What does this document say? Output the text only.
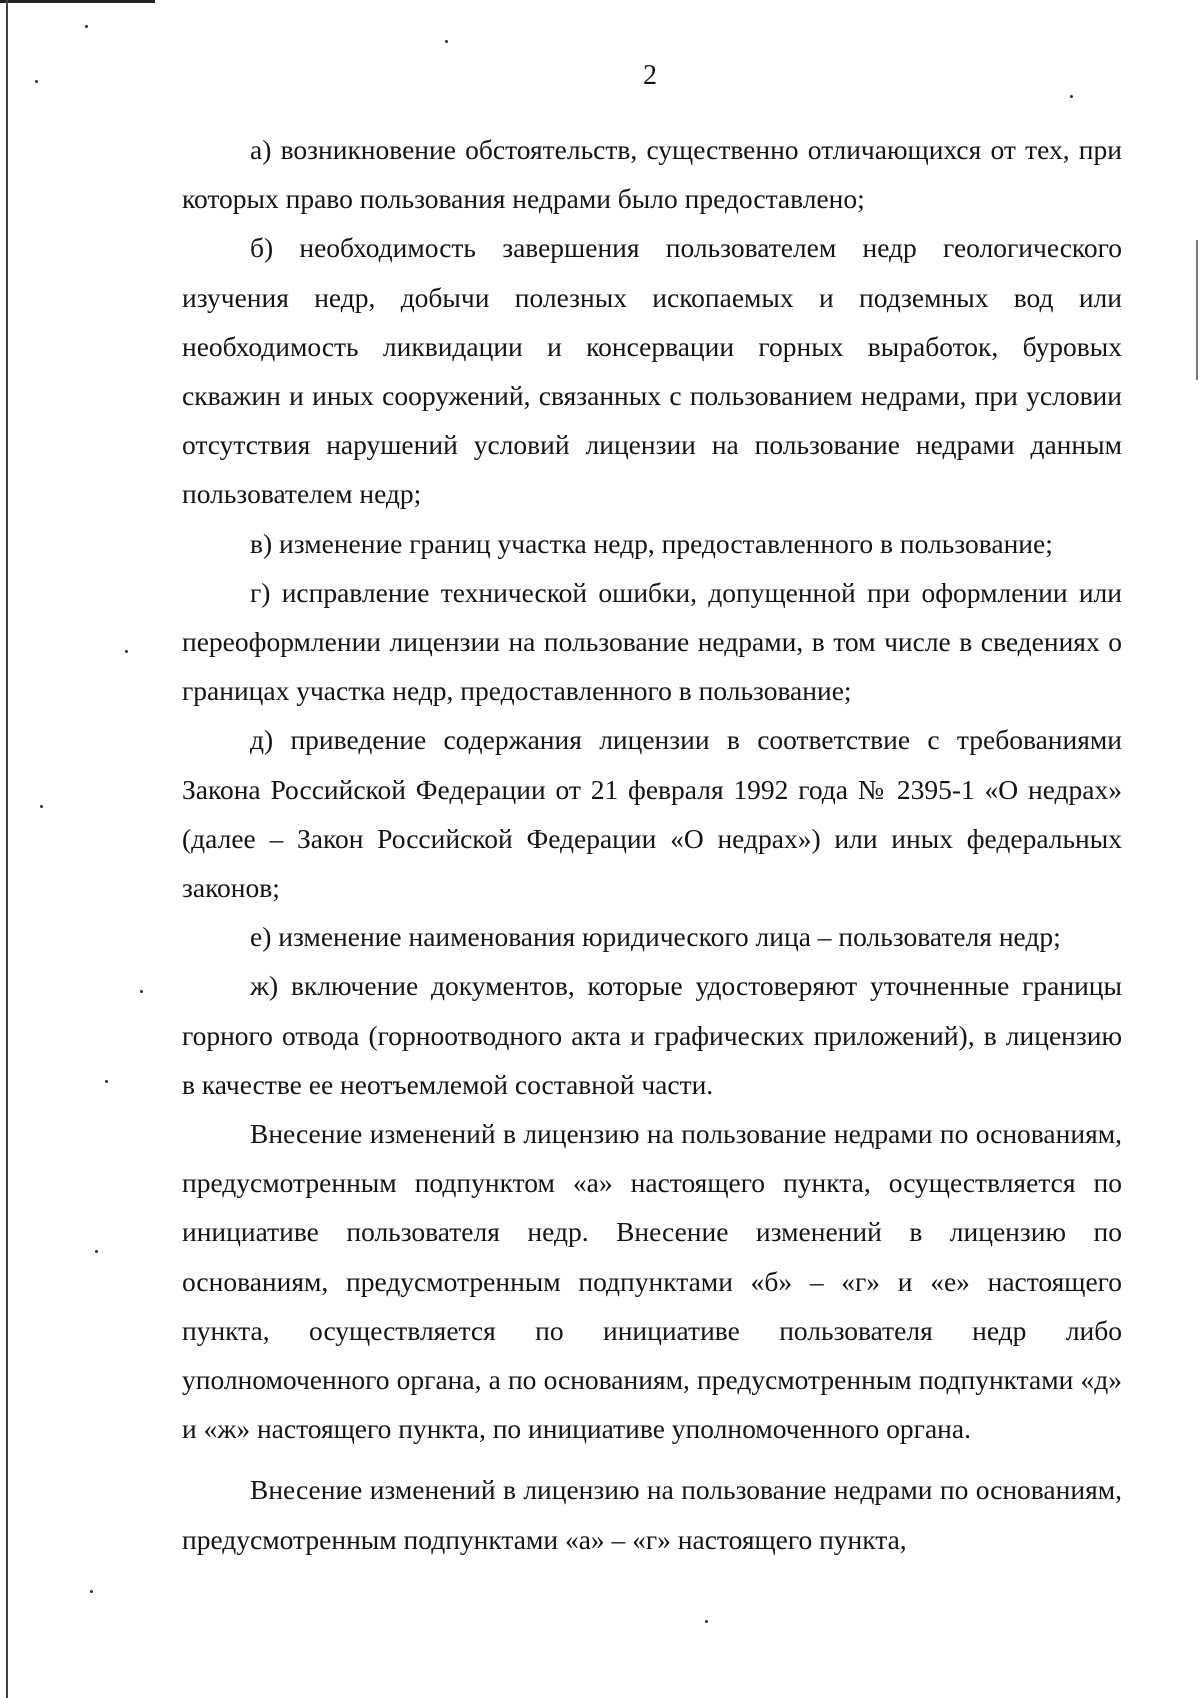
2

а) возникновение обстоятельств, существенно отличающихся от тех, при которых право пользования недрами было предоставлено;

б) необходимость завершения пользователем недр геологического изучения недр, добычи полезных ископаемых и подземных вод или необходимость ликвидации и консервации горных выработок, буровых скважин и иных сооружений, связанных с пользованием недрами, при условии отсутствия нарушений условий лицензии на пользование недрами данным пользователем недр;

в) изменение границ участка недр, предоставленного в пользование;

г) исправление технической ошибки, допущенной при оформлении или переоформлении лицензии на пользование недрами, в том числе в сведениях о границах участка недр, предоставленного в пользование;

д) приведение содержания лицензии в соответствие с требованиями Закона Российской Федерации от 21 февраля 1992 года № 2395-1 «О недрах» (далее – Закон Российской Федерации «О недрах») или иных федеральных законов;

е) изменение наименования юридического лица – пользователя недр;

ж) включение документов, которые удостоверяют уточненные границы горного отвода (горноотводного акта и графических приложений), в лицензию в качестве ее неотъемлемой составной части.

Внесение изменений в лицензию на пользование недрами по основаниям, предусмотренным подпунктом «а» настоящего пункта, осуществляется по инициативе пользователя недр. Внесение изменений в лицензию по основаниям, предусмотренным подпунктами «б» – «г» и «е» настоящего пункта, осуществляется по инициативе пользователя недр либо уполномоченного органа, а по основаниям, предусмотренным подпунктами «д» и «ж» настоящего пункта, по инициативе уполномоченного органа.

Внесение изменений в лицензию на пользование недрами по основаниям, предусмотренным подпунктами «а» – «г» настоящего пункта,
